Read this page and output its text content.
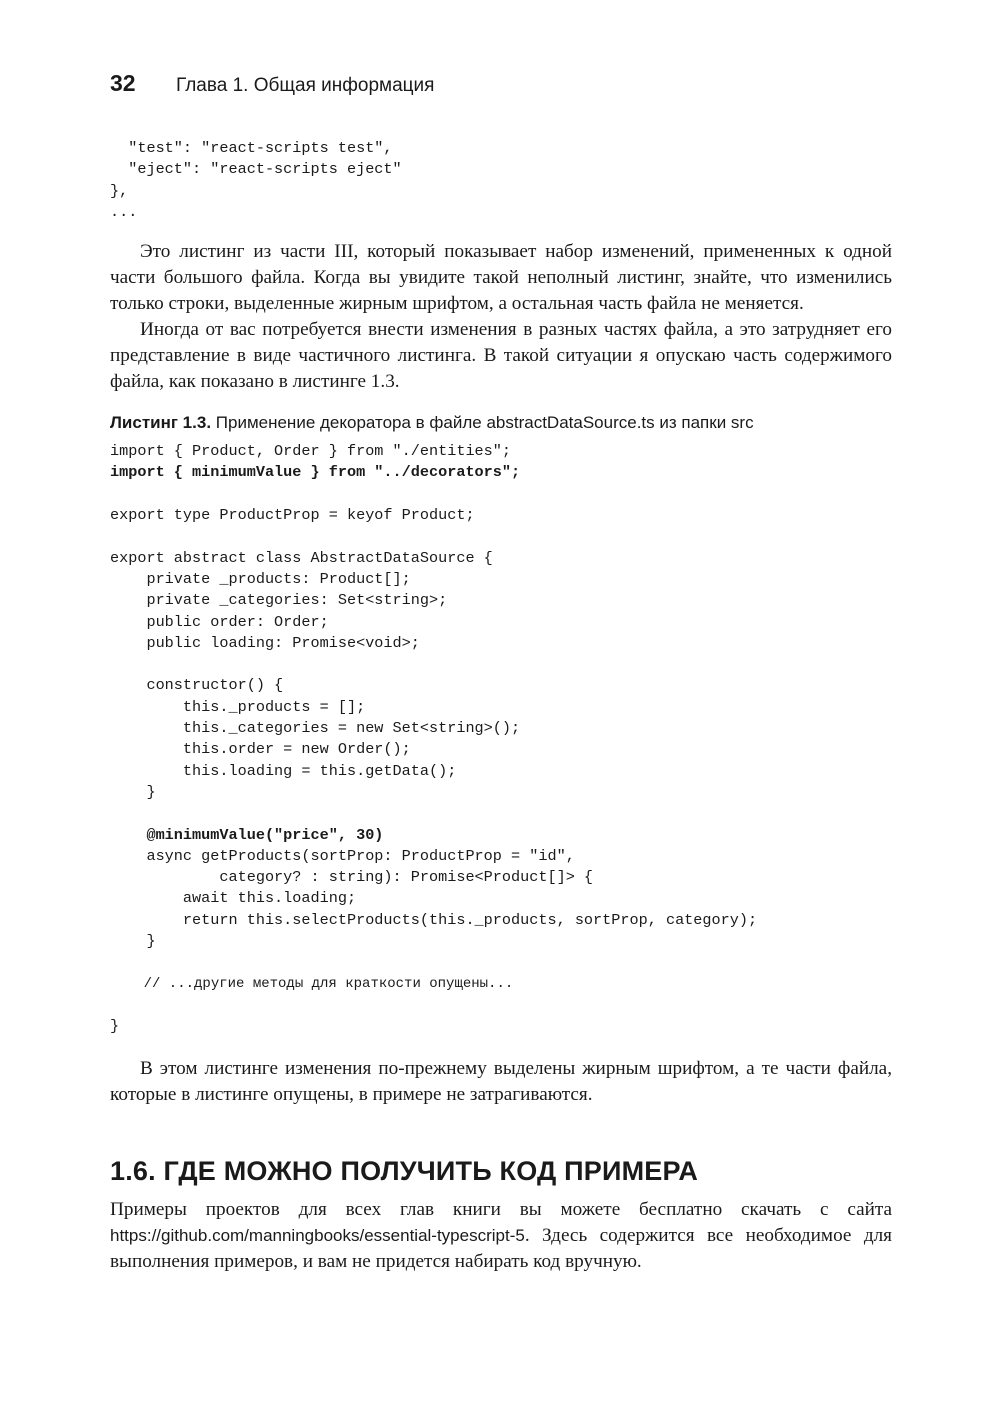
32	Глава 1. Общая информация
"test": "react-scripts test",
"eject": "react-scripts eject"
},
...

Это листинг из части III, который показывает набор изменений, примененных к одной части большого файла. Когда вы увидите такой неполный листинг, знайте, что изменились только строки, выделенные жирным шрифтом, а остальная часть файла не меняется.

Иногда от вас потребуется внести изменения в разных частях файла, а это затрудняет его представление в виде частичного листинга. В такой ситуации я опускаю часть содержимого файла, как показано в листинге 1.3.

Листинг 1.3. Применение декоратора в файле abstractDataSource.ts из папки src
import { Product, Order } from "./entities";
import { minimumValue } from "../decorators";
export type ProductProp = keyof Product;
export abstract class AbstractDataSource {
private _products: Product[];
private _categories: Set<string>;
public order: Order;
public loading: Promise<void>;
constructor() {
this._products = [];
this._categories = new Set<string>();
this.order = new Order();
this.loading = this.getData();
}
@minimumValue("price", 30)
async getProducts(sortProp: ProductProp = "id",
category? : string): Promise<Product[]> {
await this.loading;
return this.selectProducts(this._products, sortProp, category);
}
// ...другие методы для краткости опущены...
}

В этом листинге изменения по-прежнему выделены жирным шрифтом, а те части файла, которые в листинге опущены, в примере не затрагиваются.

1.6. ГДЕ МОЖНО ПОЛУЧИТЬ КОД ПРИМЕРА

Примеры проектов для всех глав книги вы можете бесплатно скачать с сайта https://github.com/manningbooks/essential-typescript-5. Здесь содержится все необходимое для выполнения примеров, и вам не придется набирать код вручную.
